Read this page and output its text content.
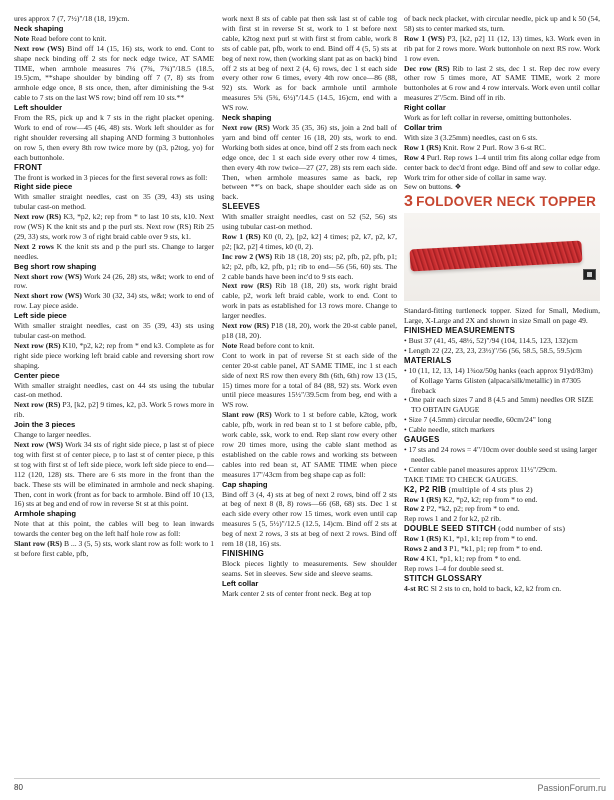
ures approx 7 (7, 7½)"/18 (18, 19)cm.

Neck shaping

Note Read before cont to knit.

Next row (WS) Bind off 14 (15, 16) sts, work to end. Cont to shape neck binding off 2 sts for neck edge twice, AT SAME TIME, when armhole measures 7¼ (7¾, 7¾)"/18.5 (18.5, 19.5)cm, **shape shoulder by binding off 7 (7, 8) sts from armhole edge once, 8 sts once, then, after diminishing the 9-st cable to 7 sts on the last WS row; bind off rem 10 sts.**

Left shoulder

From the RS, pick up and k 7 sts in the right placket opening. Work to end of row—45 (46, 48) sts. Work left shoulder as for right shoulder reversing all shaping AND forming 3 buttonholes on row 5, then every 8th row twice more by (p3, p2tog, yo) for each buttonhole.

FRONT

The front is worked in 3 pieces for the first several rows as foll:

Right side piece

With smaller straight needles, cast on 35 (39, 43) sts using tubular cast-on method.

Next row (RS) K3, *p2, k2; rep from * to last 10 sts, k10. Next row (WS) K the knit sts and p the purl sts. Next row (RS) Rib 25 (29, 33) sts, work row 3 of right braid cable over 9 sts, k1.

Next 2 rows K the knit sts and p the purl sts. Change to larger needles.

Beg short row shaping

Next short row (WS) Work 24 (26, 28) sts, w&t; work to end of row.

Next short row (WS) Work 30 (32, 34) sts, w&t; work to end of row. Lay piece aside.

Left side piece

With smaller straight needles, cast on 35 (39, 43) sts using tubular cast-on method.

Next row (RS) K10, *p2, k2; rep from * end k3. Complete as for right side piece working left braid cable and reversing short row shaping.

Center piece

With smaller straight needles, cast on 44 sts using the tubular cast-on method.

Next row (RS) P3, [k2, p2] 9 times, k2, p3. Work 5 rows more in rib.

Join the 3 pieces

Change to larger needles.

Next row (WS) Work 34 sts of right side piece, p last st of piece tog with first st of center piece, p to last st of center piece, p this st tog with first st of left side piece, work left side piece to end—112 (120, 128) sts. There are 6 sts more in the front than the back. These sts will be eliminated in armhole and neck shaping. Then, cont in work (front as for back to armhole. Bind off 10 (13, 16) sts at beg and end of row in reverse St st at this point.

Armhole shaping

Note that at this point, the cables will beg to lean inwards towards the center beg on the left half hole row as foll:

Slant row (RS) B ... 3 (5, 5) sts, work slant row as foll: work to 1 st before first cable, pfb,

work next 8 sts of cable pat then ssk last st of cable tog with first st in reverse St st, work to 1 st before next cable, k2tog next purl st with first st from cable, work 8 sts of cable pat, pfb, work to end. Bind off 4 (5, 5) sts at beg of next row, then (working slant pat as on back) bind off 2 sts at beg of next 2 (4, 6) rows, dec 1 st each side every other row 6 times, every 4th row once—86 (88, 92) sts. Work as for back armhole until armhole measures 5¾ (5¾, 6½)"/14.5 (14.5, 16)cm, end with a WS row.

Neck shaping

Next row (RS) Work 35 (35, 36) sts, join a 2nd ball of yarn and bind off center 16 (18, 20) sts, work to end. Working both sides at once, bind off 2 sts from each neck edge once, dec 1 st each side every other row 4 times, then every 4th row twice—27 (27, 28) sts rem each side. Then, when armhole measures same as back, rep between **'s on back, shape shoulder each side as on back.

SLEEVES

With smaller straight needles, cast on 52 (52, 56) sts using tubular cast-on method.

Row 1 (RS) K0 (0, 2), [p2, k2] 4 times; p2, k7, p2, k7, p2; [k2, p2] 4 times, k0 (0, 2).

Inc row 2 (WS) Rib 18 (18, 20) sts; p2, pfb, p2, pfb, p1; k2; p2, pfb, k2, pfb, p1; rib to end—56 (56, 60) sts. The 2 cable bands have been inc'd to 9 sts each.

Next row (RS) Rib 18 (18, 20) sts, work right braid cable, p2, work left braid cable, work to end. Cont to work in pats as established for 13 rows more. Change to larger needles.

Next row (RS) P18 (18, 20), work the 20-st cable panel, p18 (18, 20).

Note Read before cont to knit.

Cont to work in pat of reverse St st each side of the center 20-st cable panel, AT SAME TIME, inc 1 st each side of next RS row then every 8th (6th, 6th) row 13 (15, 15) times more for a total of 84 (88, 92) sts. Work even until piece measures 15½"/39.5cm from beg, end with a WS row.

Slant row (RS) Work to 1 st before cable, k2tog, work cable, pfb, work in red bean st to 1 st before cable, pfb, work cable, ssk, work to end. Rep slant row every other row 20 times more, using the cable slant method as established on the cable rows and working sts between cables into red bean st, AT SAME TIME when piece measures 17"/43cm from beg shape cap as foll:

Cap shaping

Bind off 3 (4, 4) sts at beg of next 2 rows, bind off 2 sts at beg of next 8 (8, 8) rows—66 (68, 68) sts. Dec 1 st each side every other row 15 times, work even until cap measures 5 (5, 5½)"/12.5 (12.5, 14)cm. Bind off 2 sts at beg of next 2 rows, 3 sts at beg of next 2 rows. Bind off rem 18 (18, 16) sts.

FINISHING

Block pieces lightly to measurements. Sew shoulder seams. Set in sleeves. Sew side and sleeve seams.

Left collar

Mark center 2 sts of center front neck. Beg at top

of back neck placket, with circular needle, pick up and k 50 (54, 58) sts to center marked sts, turn.

Row 1 (WS) P3, [k2, p2] 11 (12, 13) times, k3. Work even in rib pat for 2 rows more. Work buttonhole on next RS row. Work 1 row even.

Dec row (RS) Rib to last 2 sts, dec 1 st. Rep dec row every other row 5 times more, AT SAME TIME, work 2 more buttonholes at 6 row and 4 row intervals. Work even until collar measures 2"/5cm. Bind off in rib.

Right collar

Work as for left collar in reverse, omitting buttonholes.

Collar trim

With size 3 (3.25mm) needles, cast on 6 sts.

Row 1 (RS) Knit. Row 2 Purl. Row 3 6-st RC.

Row 4 Purl. Rep rows 1–4 until trim fits along collar edge from center back to dec'd front edge. Bind off and sew to collar edge. Work trim for other side of collar in same way.

Sew on buttons. ❖

3 FOLDOVER NECK TOPPER

Standard-fitting turtleneck topper. Sized for Small, Medium, Large, X-Large and 2X and shown in size Small on page 49.

FINISHED MEASUREMENTS

• Bust 37 (41, 45, 48½, 52)"/94 (104, 114.5, 123, 132)cm
• Length 22 (22, 23, 23, 23½)"/56 (56, 58.5, 58.5, 59.5)cm

MATERIALS

• 10 (11, 12, 13, 14) 1¾oz/50g hanks (each approx 91yd/83m) of Kollage Yarns Glisten (alpaca/silk/metallic) in #7305 fireback
• One pair each sizes 7 and 8 (4.5 and 5mm) needles OR SIZE TO OBTAIN GAUGE
• Size 7 (4.5mm) circular needle, 60cm/24" long
• Cable needle, stitch markers

GAUGES

• 17 sts and 24 rows = 4"/10cm over double seed st using larger needles.
• Center cable panel measures approx 11½"/29cm.

TAKE TIME TO CHECK GAUGES.

K2, P2 RIB (multiple of 4 sts plus 2)

Row 1 (RS) K2, *p2, k2; rep from * to end.

Row 2 P2, *k2, p2; rep from * to end.

Rep rows 1 and 2 for k2, p2 rib.

DOUBLE SEED STITCH (odd number of sts)

Row 1 (RS) K1, *p1, k1; rep from * to end.

Rows 2 and 3 P1, *k1, p1; rep from * to end.

Row 4 K1, *p1, k1; rep from * to end.

Rep rows 1–4 for double seed st.

STITCH GLOSSARY

4-st RC Sl 2 sts to cn, hold to back, k2, k2 from cn.

80	PassionForum.ru
